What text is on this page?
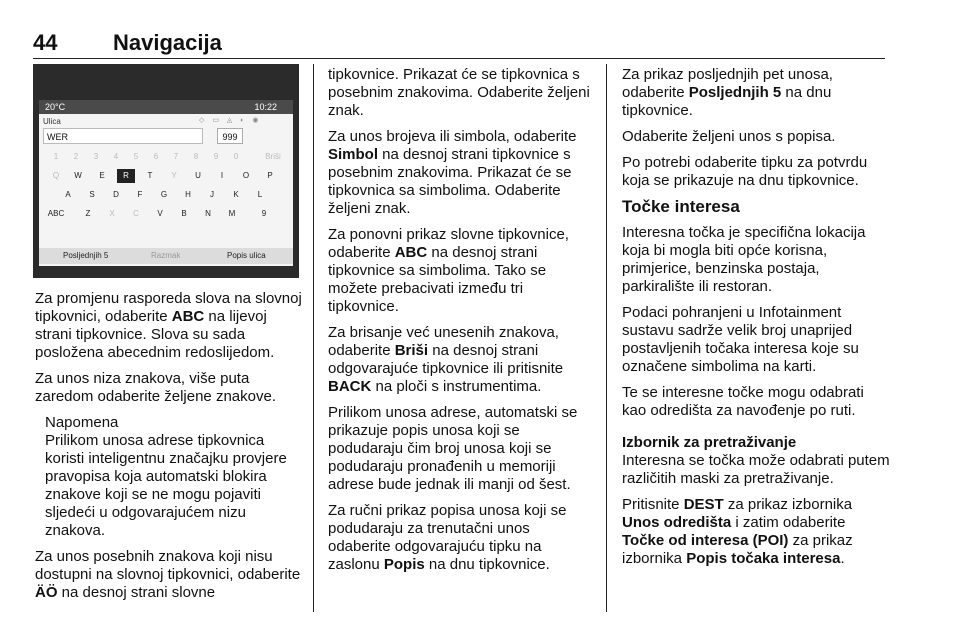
44	Navigacija
20°C	10:22
Ulica	◇ ▭ ◬ ◐ ◉
WER	999
1	2	3	4	5	6	7	8	9	0	Briši
Q	W	E	R	T	Y	U	I	O	P
A	S	D	F	G	H	J	K	L
ABC	Z	X	C	V	B	N	M	9
Posljednjih 5	Razmak	Popis ulica

Za promjenu rasporeda slova na slovnoj tipkovnici, odaberite ABC na lijevoj strani tipkovnice. Slova su sada posložena abecednim redoslijedom.

Za unos niza znakova, više puta zaredom odaberite željene znakove.

Napomena
Prilikom unosa adrese tipkovnica koristi inteligentnu značajku provjere pravopisa koja automatski blokira znakove koji se ne mogu pojaviti sljedeći u odgovarajućem nizu znakova.

Za unos posebnih znakova koji nisu dostupni na slovnoj tipkovnici, odaberite ÄÖ na desnoj strani slovne

tipkovnice. Prikazat će se tipkovnica s posebnim znakovima. Odaberite željeni znak.

Za unos brojeva ili simbola, odaberite Simbol na desnoj strani tipkovnice s posebnim znakovima. Prikazat će se tipkovnica sa simbolima. Odaberite željeni znak.

Za ponovni prikaz slovne tipkovnice, odaberite ABC na desnoj strani tipkovnice sa simbolima. Tako se možete prebacivati između tri tipkovnice.

Za brisanje već unesenih znakova, odaberite Briši na desnoj strani odgovarajuće tipkovnice ili pritisnite BACK na ploči s instrumentima.

Prilikom unosa adrese, automatski se prikazuje popis unosa koji se podudaraju čim broj unosa koji se podudaraju pronađenih u memoriji adrese bude jednak ili manji od šest.

Za ručni prikaz popisa unosa koji se podudaraju za trenutačni unos odaberite odgovarajuću tipku na zaslonu Popis na dnu tipkovnice.

Za prikaz posljednjih pet unosa, odaberite Posljednjih 5 na dnu tipkovnice.

Odaberite željeni unos s popisa.

Po potrebi odaberite tipku za potvrdu koja se prikazuje na dnu tipkovnice.

Točke interesa

Interesna točka je specifična lokacija koja bi mogla biti opće korisna, primjerice, benzinska postaja, parkiralište ili restoran.

Podaci pohranjeni u Infotainment sustavu sadrže velik broj unaprijed postavljenih točaka interesa koje su označene simbolima na karti.

Te se interesne točke mogu odabrati kao odredišta za navođenje po ruti.

Izbornik za pretraživanje

Interesna se točka može odabrati putem različitih maski za pretraživanje.

Pritisnite DEST za prikaz izbornika Unos odredišta i zatim odaberite Točke od interesa (POI) za prikaz izbornika Popis točaka interesa.
